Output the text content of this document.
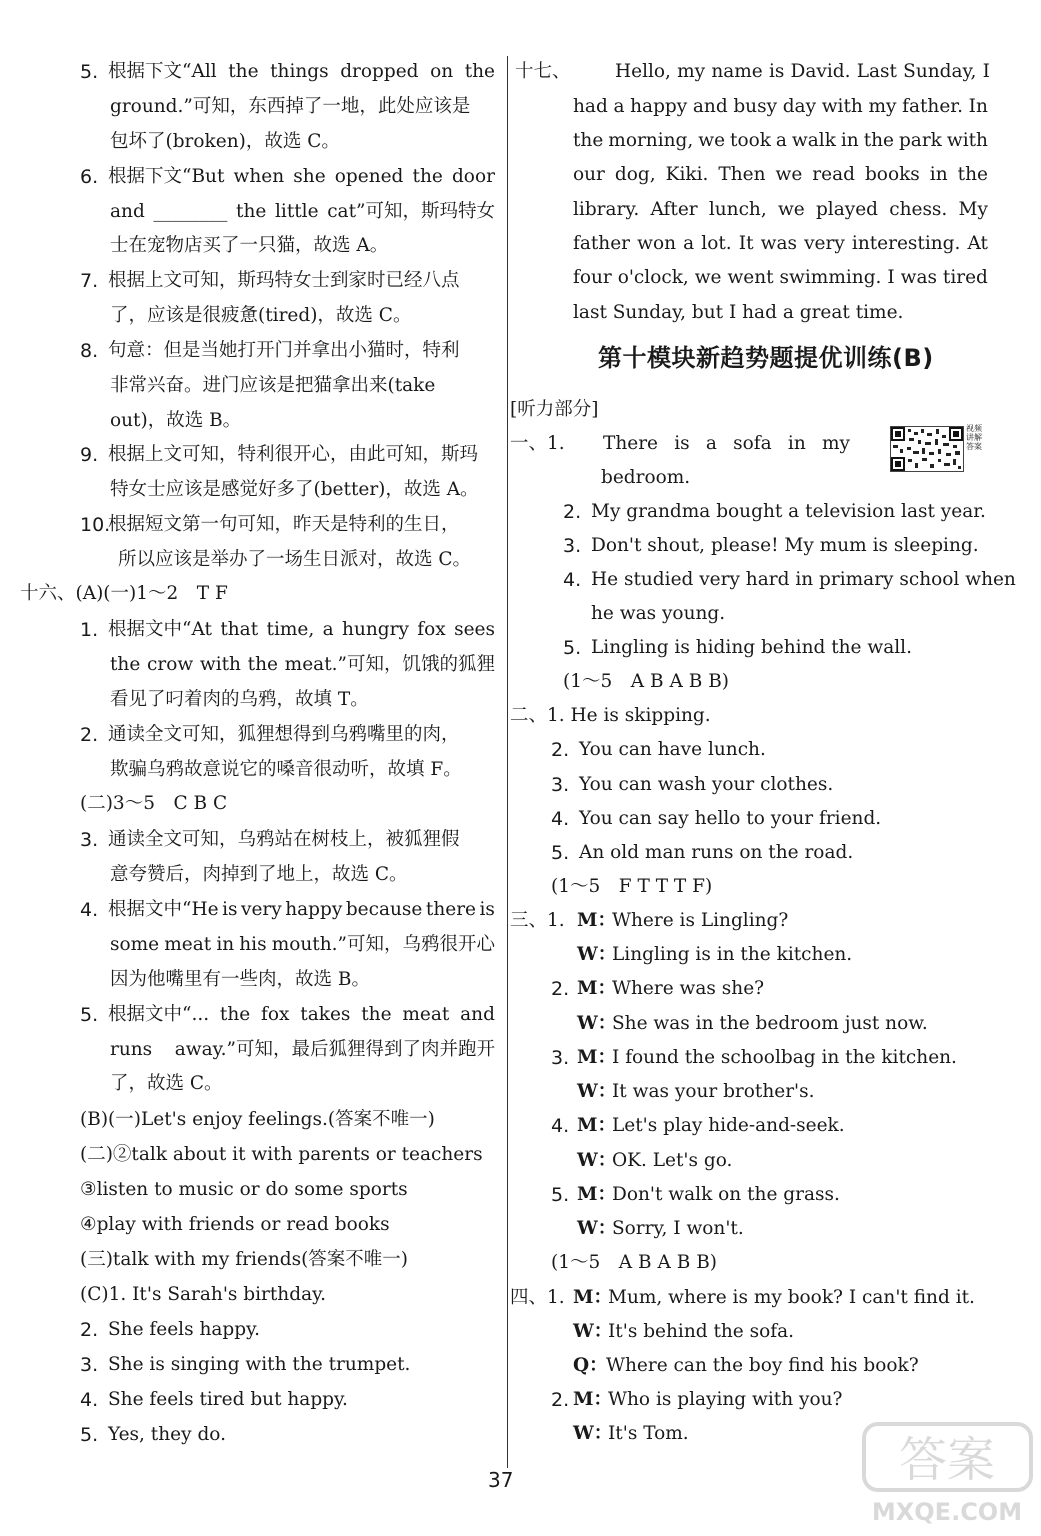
5. 根据下文“All the things dropped on the
ground.”可知，东西掉了一地，此处应该是
包坏了(broken)，故选 C。
6. 根据下文“But when she opened the door
and ________ the little cat”可知，斯玛特女
士在宠物店买了一只猫，故选 A。
7. 根据上文可知，斯玛特女士到家时已经八点
了，应该是很疲惫(tired)，故选 C。
8. 句意：但是当她打开门并拿出小猫时，特利
非常兴奋。进门应该是把猫拿出来(take
out)，故选 B。
9. 根据上文可知，特利很开心，由此可知，斯玛
特女士应该是感觉好多了(better)，故选 A。
10.
根据短文第一句可知，昨天是特利的生日，
所以应该是举办了一场生日派对，故选 C。
十六、(A)(一)1～2　T F
1. 根据文中“At that time, a hungry fox sees
the crow with the meat.”可知，饥饿的狐狸
看见了叼着肉的乌鸦，故填 T。
2. 通读全文可知，狐狸想得到乌鸦嘴里的肉，
欺骗乌鸦故意说它的嗓音很动听，故填 F。
(二)3～5　C B C
3. 通读全文可知，乌鸦站在树枝上，被狐狸假
意夸赞后，肉掉到了地上，故选 C。
4. 根据文中“He is very happy because there is
some meat in his mouth.”可知，乌鸦很开心
因为他嘴里有一些肉，故选 B。
5. 根据文中“... the fox takes the meat and
runs away.”可知，最后狐狸得到了肉并跑开
了，故选 C。
(B)(一)Let's enjoy feelings.(答案不唯一)
(二)②talk about it with parents or teachers
③listen to music or do some sports
④play with friends or read books
(三)talk with my friends(答案不唯一)
(C)1. It's Sarah's birthday.
2. She feels happy.
3. She is singing with the trumpet.
4. She feels tired but happy.
5. Yes, they do.
十七、 Hello, my name is David. Last Sunday, I
had a happy and busy day with my father. In
the morning, we took a walk in the park with
our dog, Kiki. Then we read books in the
library. After lunch, we played chess. My
father won a lot. It was very interesting. At
four o'clock, we went swimming. I was tired
last Sunday, but I had a great time.
[听力部分]
一、1. There is a sofa in my
bedroom.
2. My grandma bought a television last year.
3. Don't shout, please! My mum is sleeping.
4. He studied very hard in primary school when
he was young.
5. Lingling is hiding behind the wall.
(1～5　A B A B B)
二、1. He is skipping.
2. You can have lunch.
3. You can wash your clothes.
4. You can say hello to your friend.
5. An old man runs on the road.
(1～5　F T T T F)
三、1. M：
Where is Lingling?
W：
Lingling is in the kitchen.
2. M：
Where was she?
W：
She was in the bedroom just now.
3. M：
I found the schoolbag in the kitchen.
W：
It was your brother's.
4. M：
Let's play hide-and-seek.
W：
OK. Let's go.
5. M：
Don't walk on the grass.
W：
Sorry, I won't.
(1～5　A B A B B)
四、1. M：
Mum, where is my book? I can't find it.
W：
It's behind the sofa.
Q：
Where can the boy find his book?
2. M：
Who is playing with you?
W：
It's Tom.
第十模块新趋势题提优训练(B)
视频讲解答案
37	答案
MXQE.COM
